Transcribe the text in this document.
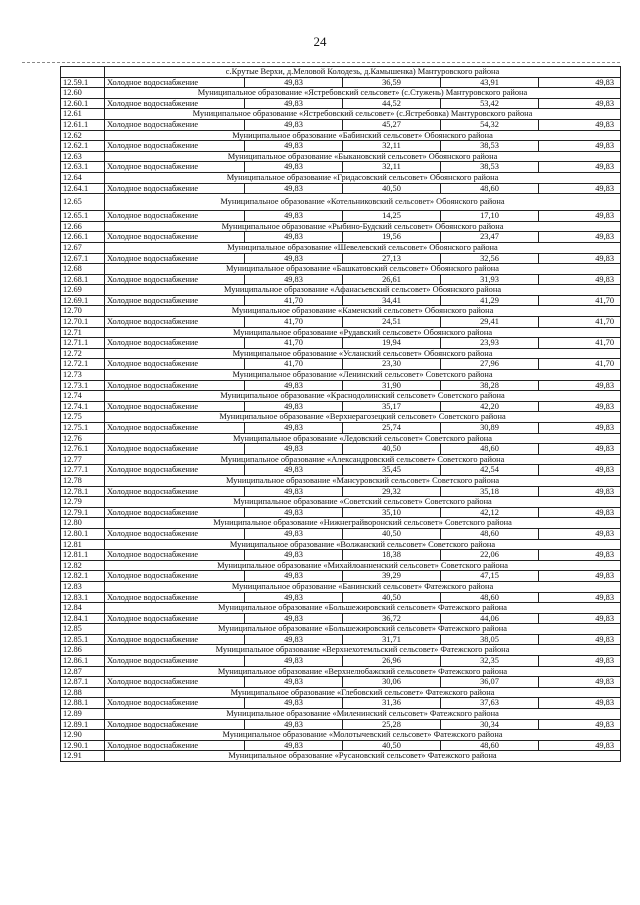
24
	с.Крутые Верхи, д.Меловой Колодезь, д.Камышенка) Мантуровского района				
12.59.1	Холодное водоснабжение	49,83	36,59	43,91	49,83
12.60	Муниципальное образование «Ястребовский сельсовет» (с.Стужень) Мантуровского района				
12.60.1	Холодное водоснабжение	49,83	44,52	53,42	49,83
12.61	Муниципальное образование «Ястребовский сельсовет» (с.Ястребовка) Мантуровского района				
12.61.1	Холодное водоснабжение	49,83	45,27	54,32	49,83
12.62	Муниципальное образование «Бабинский сельсовет» Обоянского района				
12.62.1	Холодное водоснабжение	49,83	32,11	38,53	49,83
12.63	Муниципальное образование «Быкановский сельсовет» Обоянского района				
12.63.1	Холодное водоснабжение	49,83	32,11	38,53	49,83
12.64	Муниципальное образование «Гридасовский сельсовет» Обоянского района				
12.64.1	Холодное водоснабжение	49,83	40,50	48,60	49,83
12.65	Муниципальное образование «Котельниковский сельсовет» Обоянского района				
12.65.1	Холодное водоснабжение	49,83	14,25	17,10	49,83
12.66	Муниципальное образование «Рыбино-Будский сельсовет» Обоянского района				
12.66.1	Холодное водоснабжение	49,83	19,56	23,47	49,83
12.67	Муниципальное образование «Шевелевский сельсовет» Обоянского района				
12.67.1	Холодное водоснабжение	49,83	27,13	32,56	49,83
12.68	Муниципальное образование «Башкатовский сельсовет» Обоянского района				
12.68.1	Холодное водоснабжение	49,83	26,61	31,93	49,83
12.69	Муниципальное образование «Афанасьевский сельсовет» Обоянского района				
12.69.1	Холодное водоснабжение	41,70	34,41	41,29	41,70
12.70	Муниципальное образование «Каменский сельсовет» Обоянского района				
12.70.1	Холодное водоснабжение	41,70	24,51	29,41	41,70
12.71	Муниципальное образование «Рудавский сельсовет» Обоянского района				
12.71.1	Холодное водоснабжение	41,70	19,94	23,93	41,70
12.72	Муниципальное образование «Усланский сельсовет» Обоянского района				
12.72.1	Холодное водоснабжение	41,70	23,30	27,96	41,70
12.73	Муниципальное образование «Ленинский сельсовет» Советского района				
12.73.1	Холодное водоснабжение	49,83	31,90	38,28	49,83
12.74	Муниципальное образование «Краснодолинский сельсовет» Советского района				
12.74.1	Холодное водоснабжение	49,83	35,17	42,20	49,83
12.75	Муниципальное образование «Верхнерагозецкий сельсовет» Советского района				
12.75.1	Холодное водоснабжение	49,83	25,74	30,89	49,83
12.76	Муниципальное образование «Ледовский сельсовет» Советского района				
12.76.1	Холодное водоснабжение	49,83	40,50	48,60	49,83
12.77	Муниципальное образование «Александровский сельсовет» Советского района				
12.77.1	Холодное водоснабжение	49,83	35,45	42,54	49,83
12.78	Муниципальное образование «Мансуровский сельсовет» Советского района				
12.78.1	Холодное водоснабжение	49,83	29,32	35,18	49,83
12.79	Муниципальное образование «Советский сельсовет» Советского района				
12.79.1	Холодное водоснабжение	49,83	35,10	42,12	49,83
12.80	Муниципальное образование «Нижнеграйворонский сельсовет» Советского района				
12.80.1	Холодное водоснабжение	49,83	40,50	48,60	49,83
12.81	Муниципальное образование «Волжанский сельсовет» Советского района				
12.81.1	Холодное водоснабжение	49,83	18,38	22,06	49,83
12.82	Муниципальное образование «Михайлоанненский сельсовет» Советского района				
12.82.1	Холодное водоснабжение	49,83	39,29	47,15	49,83
12.83	Муниципальное образование «Банинский сельсовет» Фатежского района				
12.83.1	Холодное водоснабжение	49,83	40,50	48,60	49,83
12.84	Муниципальное образование «Большежировский сельсовет» Фатежского района				
12.84.1	Холодное водоснабжение	49,83	36,72	44,06	49,83
12.85	Муниципальное образование «Большежировский сельсовет» Фатежского района				
12.85.1	Холодное водоснабжение	49,83	31,71	38,05	49,83
12.86	Муниципальное образование «Верхнехотемльский сельсовет» Фатежского района				
12.86.1	Холодное водоснабжение	49,83	26,96	32,35	49,83
12.87	Муниципальное образование «Верхнелюбажский сельсовет» Фатежского района				
12.87.1	Холодное водоснабжение	49,83	30,06	36,07	49,83
12.88	Муниципальное образование «Глебовский сельсовет» Фатежского района				
12.88.1	Холодное водоснабжение	49,83	31,36	37,63	49,83
12.89	Муниципальное образование «Миленинский сельсовет» Фатежского района				
12.89.1	Холодное водоснабжение	49,83	25,28	30,34	49,83
12.90	Муниципальное образование «Молотычевский сельсовет» Фатежского района				
12.90.1	Холодное водоснабжение	49,83	40,50	48,60	49,83
12.91	Муниципальное образование «Русановский сельсовет» Фатежского района				
